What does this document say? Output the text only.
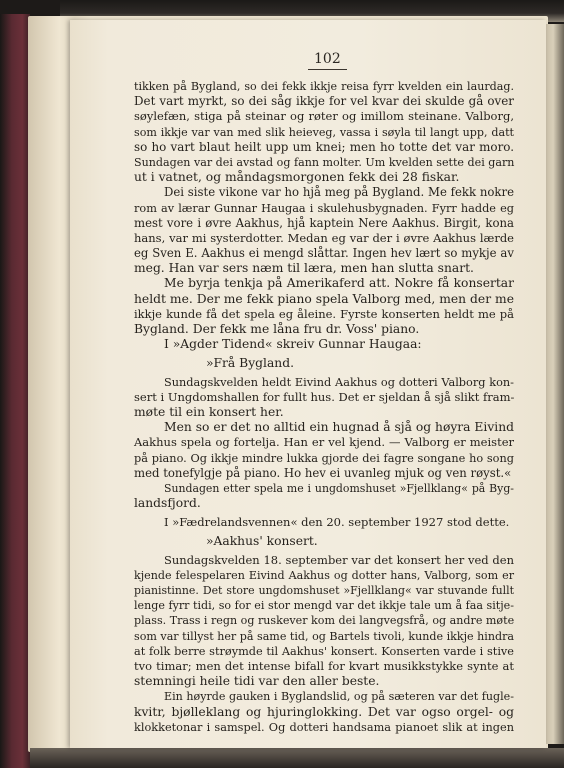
102
tikken på Bygland, so dei fekk ikkje reisa fyrr kvelden ein laurdag.
Det vart myrkt, so dei såg ikkje for vel kvar dei skulde gå over
søylefæn, stiga på steinar og røter og imillom steinane. Valborg,
som ikkje var van med slik heieveg, vassa i søyla til langt upp, datt
so ho vart blaut heilt upp um knei; men ho totte det var moro.
Sundagen var dei avstad og fann molter. Um kvelden sette dei garn
ut i vatnet, og måndagsmorgonen fekk dei 28 fiskar.
Dei siste vikone var ho hjå meg på Bygland. Me fekk nokre
rom av lærar Gunnar Haugaa i skulehusbygnaden. Fyrr hadde eg
mest vore i øvre Aakhus, hjå kaptein Nere Aakhus. Birgit, kona
hans, var mi systerdotter. Medan eg var der i øvre Aakhus lærde
eg Sven E. Aakhus ei mengd slåttar. Ingen hev lært so mykje av
meg. Han var sers næm til læra, men han slutta snart.
Me byrja tenkja på Amerikaferd att. Nokre få konsertar
heldt me. Der me fekk piano spela Valborg med, men der me
ikkje kunde få det spela eg åleine. Fyrste konserten heldt me på
Bygland. Der fekk me låna fru dr. Voss' piano.
I »Agder Tidend« skreiv Gunnar Haugaa:
»Frå Bygland.
Sundagskvelden heldt Eivind Aakhus og dotteri Valborg kon-
sert i Ungdomshallen for fullt hus. Det er sjeldan å sjå slikt fram-
møte til ein konsert her.
Men so er det no alltid ein hugnad å sjå og høyra Eivind
Aakhus spela og fortelja. Han er vel kjend. — Valborg er meister
på piano. Og ikkje mindre lukka gjorde dei fagre songane ho song
med tonefylgje på piano. Ho hev ei uvanleg mjuk og ven røyst.«
Sundagen etter spela me i ungdomshuset »Fjellklang« på Byg-
landsfjord.
I »Fædrelandsvennen« den 20. september 1927 stod dette.
»Aakhus' konsert.
Sundagskvelden 18. september var det konsert her ved den
kjende felespelaren Eivind Aakhus og dotter hans, Valborg, som er
pianistinne. Det store ungdomshuset »Fjellklang« var stuvande fullt
lenge fyrr tidi, so for ei stor mengd var det ikkje tale um å faa sitje-
plass. Trass i regn og ruskever kom dei langvegsfrå, og andre møte
som var tillyst her på same tid, og Bartels tivoli, kunde ikkje hindra
at folk berre strøymde til Aakhus' konsert. Konserten varde i stive
tvo timar; men det intense bifall for kvart musikkstykke synte at
stemningi heile tidi var den aller beste.
Ein høyrde gauken i Byglandslid, og på sæteren var det fugle-
kvitr, bjølleklang og hjuringlokking. Det var ogso orgel- og
klokketonar i samspel. Og dotteri handsama pianoet slik at ingen
